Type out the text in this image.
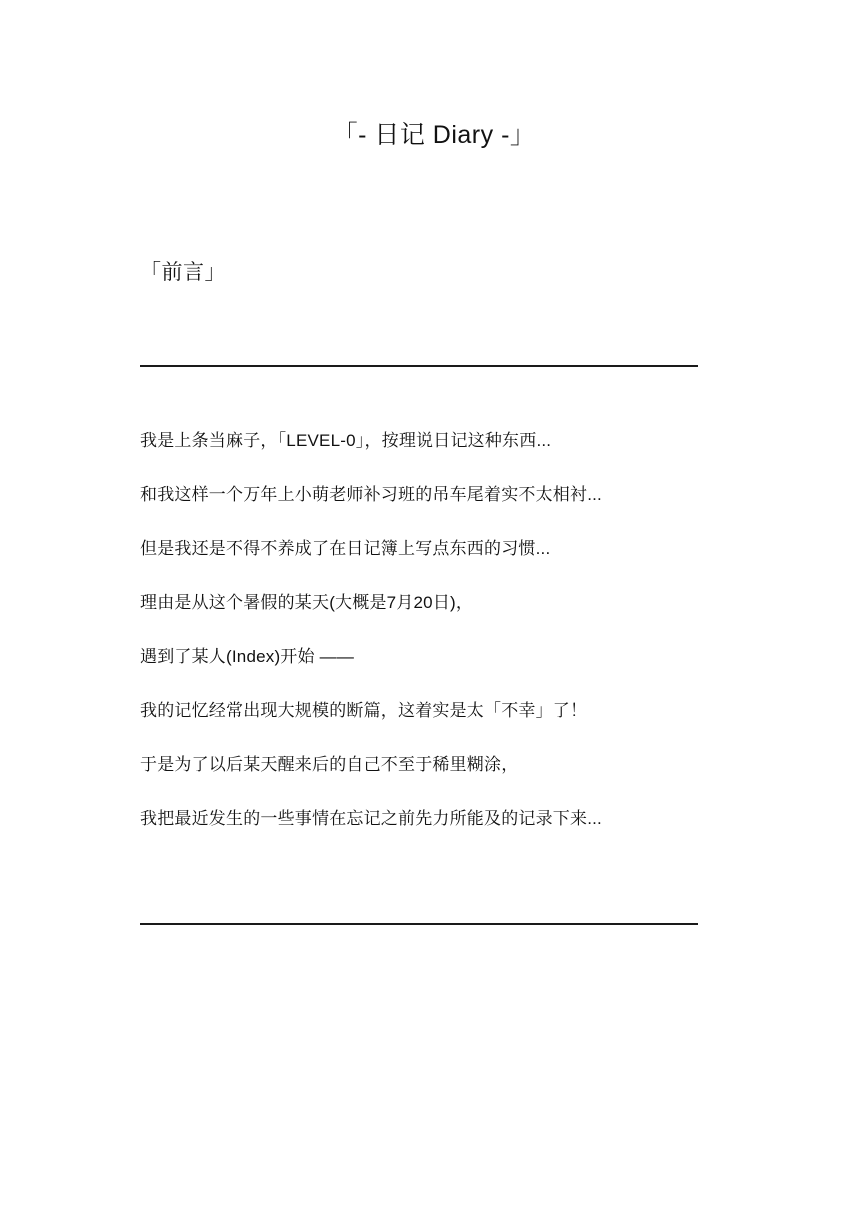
「- 日记 Diary -」
「前言」

我是上条当麻子，「LEVEL-0」，按理说日记这种东西...

和我这样一个万年上小萌老师补习班的吊车尾着实不太相衬...

但是我还是不得不养成了在日记簿上写点东西的习惯...

理由是从这个暑假的某天(大概是7月20日)，

遇到了某人(Index)开始 ——

我的记忆经常出现大规模的断篇，这着实是太「不幸」了！

于是为了以后某天醒来后的自己不至于稀里糊涂，

我把最近发生的一些事情在忘记之前先力所能及的记录下来...
